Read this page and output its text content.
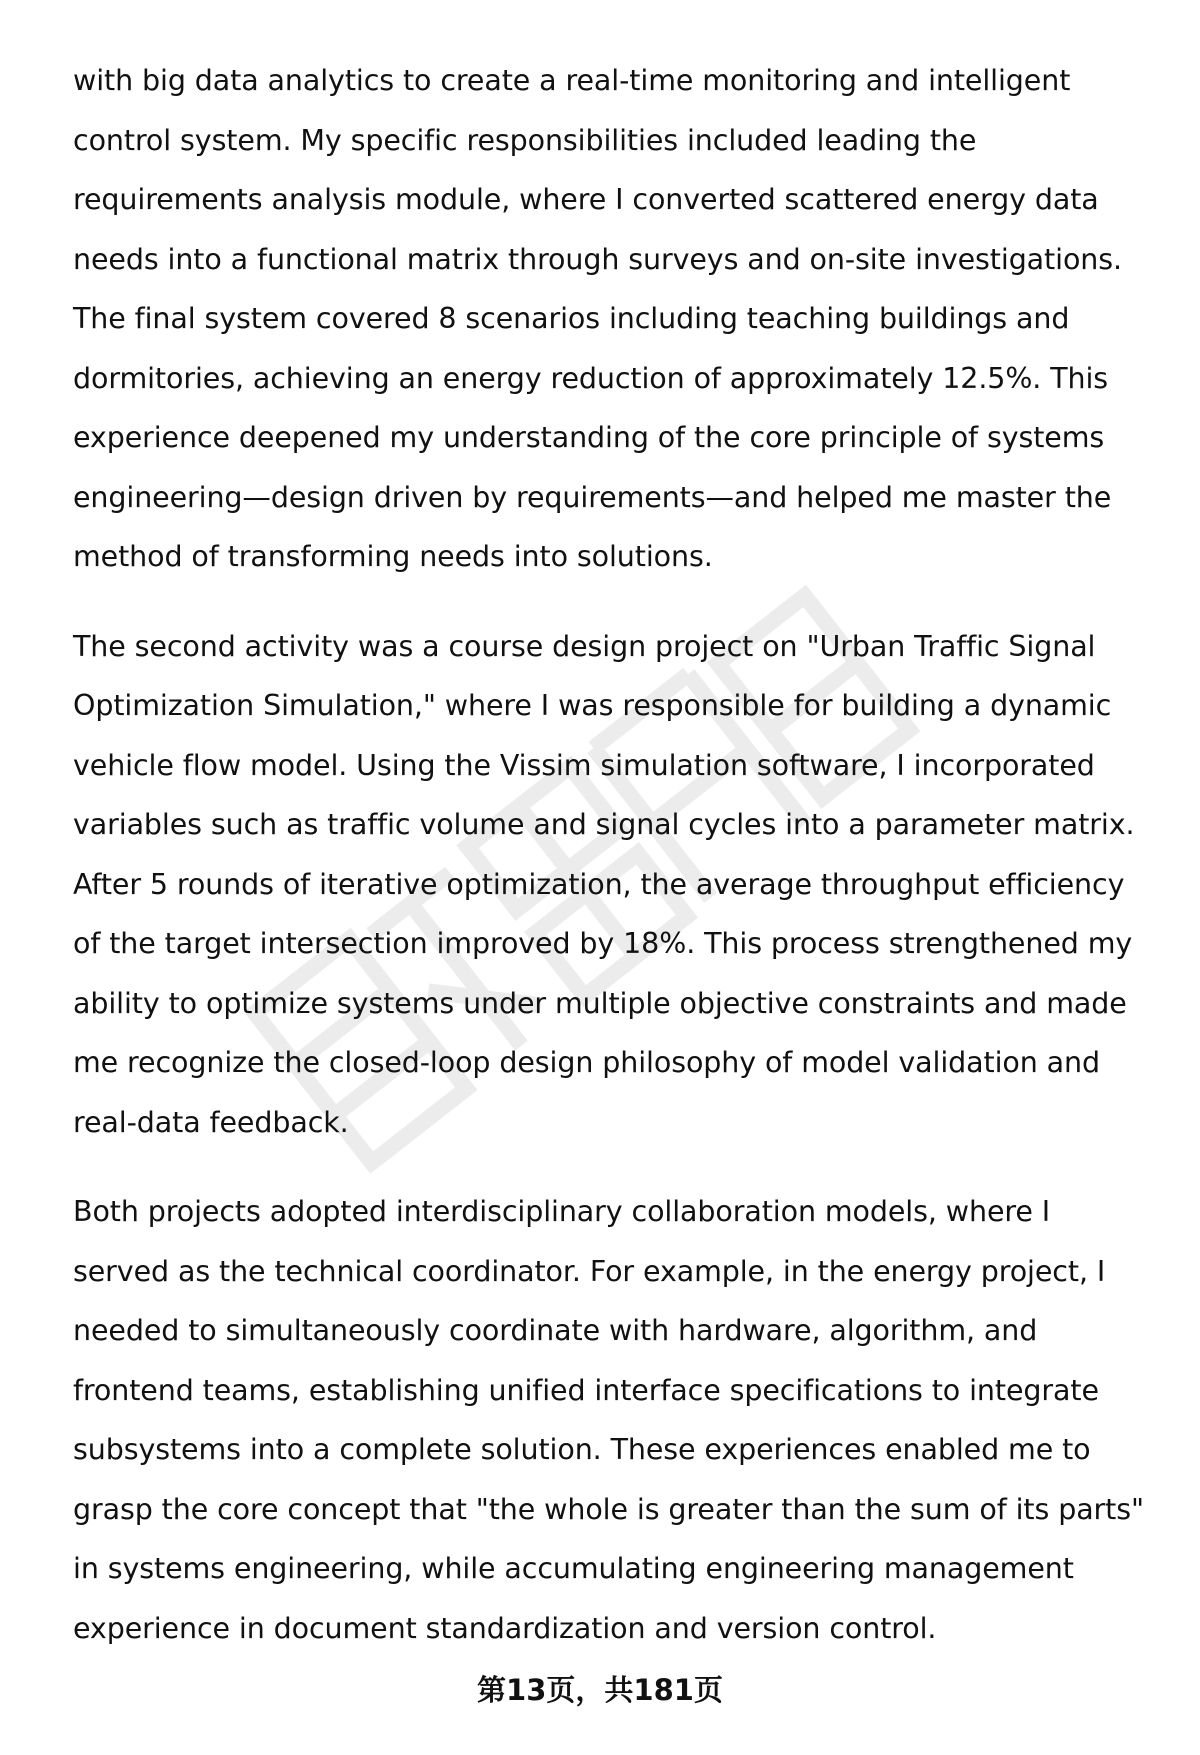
with big data analytics to create a real-time monitoring and intelligent
control system. My specific responsibilities included leading the
requirements analysis module, where I converted scattered energy data
needs into a functional matrix through surveys and on-site investigations.
The final system covered 8 scenarios including teaching buildings and
dormitories, achieving an energy reduction of approximately 12.5%. This
experience deepened my understanding of the core principle of systems
engineering—design driven by requirements—and helped me master the
method of transforming needs into solutions.

The second activity was a course design project on "Urban Traffic Signal
Optimization Simulation," where I was responsible for building a dynamic
vehicle flow model. Using the Vissim simulation software, I incorporated
variables such as traffic volume and signal cycles into a parameter matrix.
After 5 rounds of iterative optimization, the average throughput efficiency
of the target intersection improved by 18%. This process strengthened my
ability to optimize systems under multiple objective constraints and made
me recognize the closed-loop design philosophy of model validation and
real-data feedback.

Both projects adopted interdisciplinary collaboration models, where I
served as the technical coordinator. For example, in the energy project, I
needed to simultaneously coordinate with hardware, algorithm, and
frontend teams, establishing unified interface specifications to integrate
subsystems into a complete solution. These experiences enabled me to
grasp the core concept that "the whole is greater than the sum of its parts"
in systems engineering, while accumulating engineering management
experience in document standardization and version control.

第13页，共181页
